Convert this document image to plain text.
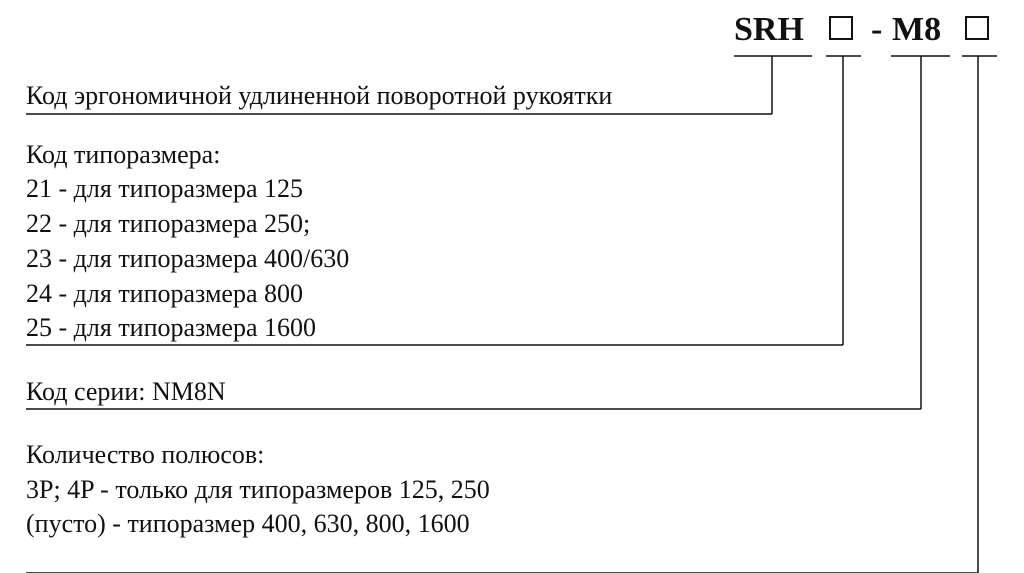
SRH - M8
Код эргономичной удлиненной поворотной рукоятки
Код типоразмера:
21 - для типоразмера 125
22 - для типоразмера 250;
23 - для типоразмера 400/630
24 - для типоразмера 800
25 - для типоразмера 1600
Код серии: NM8N
Количество полюсов:
3P; 4P - только для типоразмеров 125, 250
(пусто) - типоразмер 400, 630, 800, 1600
